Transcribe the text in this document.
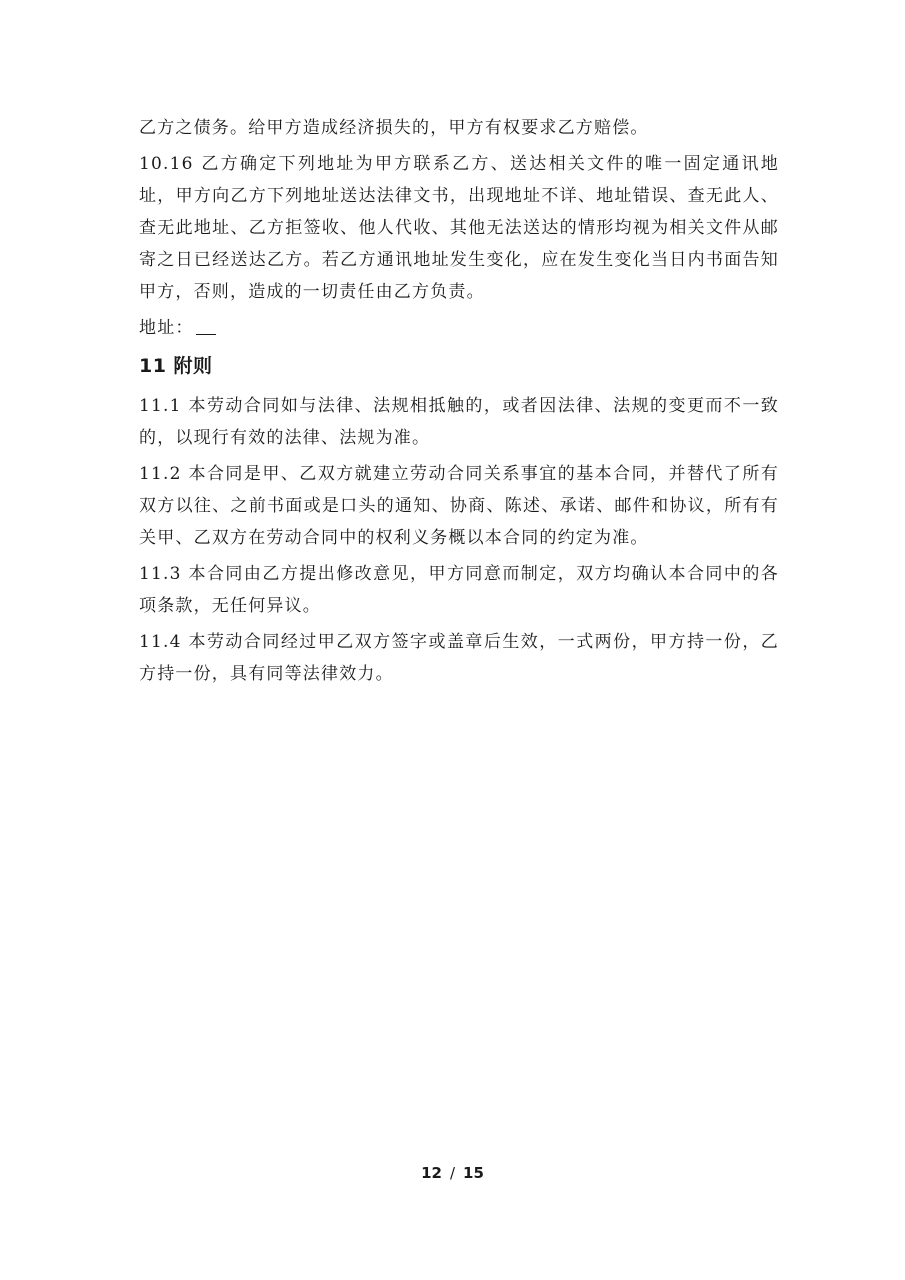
乙方之债务。给甲方造成经济损失的，甲方有权要求乙方赔偿。

10.16 乙方确定下列地址为甲方联系乙方、送达相关文件的唯一固定通讯地址，甲方向乙方下列地址送达法律文书，出现地址不详、地址错误、查无此人、查无此地址、乙方拒签收、他人代收、其他无法送达的情形均视为相关文件从邮寄之日已经送达乙方。若乙方通讯地址发生变化，应在发生变化当日内书面告知甲方，否则，造成的一切责任由乙方负责。

地址：

11 附则

11.1 本劳动合同如与法律、法规相抵触的，或者因法律、法规的变更而不一致的，以现行有效的法律、法规为准。

11.2 本合同是甲、乙双方就建立劳动合同关系事宜的基本合同，并替代了所有双方以往、之前书面或是口头的通知、协商、陈述、承诺、邮件和协议，所有有关甲、乙双方在劳动合同中的权利义务概以本合同的约定为准。

11.3 本合同由乙方提出修改意见，甲方同意而制定，双方均确认本合同中的各项条款，无任何异议。

11.4 本劳动合同经过甲乙双方签字或盖章后生效，一式两份，甲方持一份，乙方持一份，具有同等法律效力。

12 / 15
